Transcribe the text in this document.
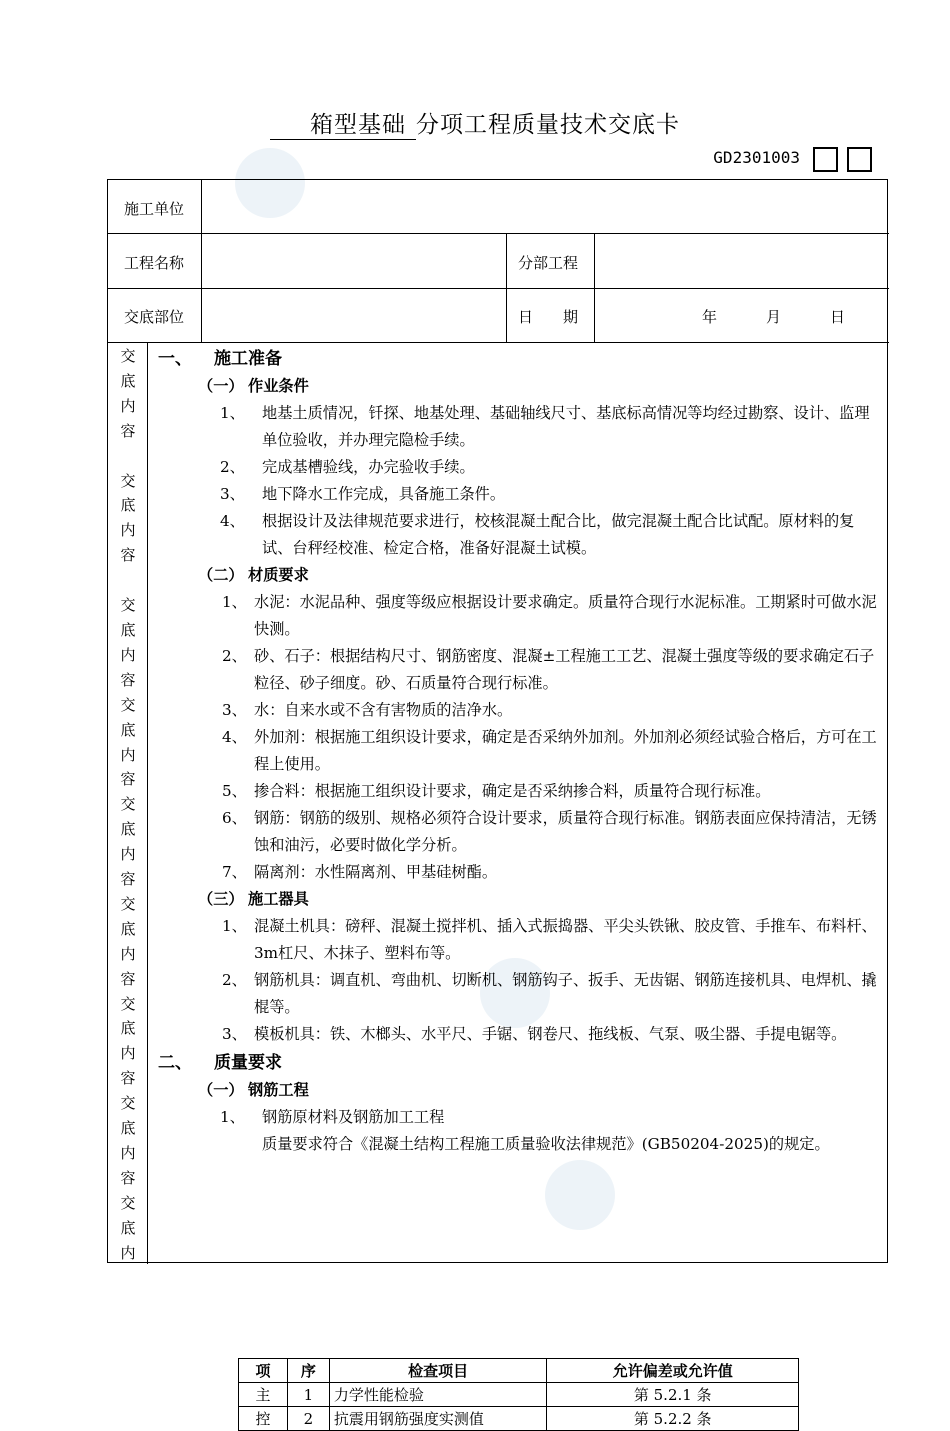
箱型基础 分项工程质量技术交底卡
GD2301003
施工单位
工程名称	分部工程
交底部位	日　　期	年	月	日
交
底
内
容

交
底
内
容

交
底
内
容
交
底
内
容
交
底
内
容
交
底
内
容
交
底
内
容
交
底
内
容
交
底
内
一、 施工准备
（一） 作业条件
1、 地基土质情况，钎探、地基处理、基础轴线尺寸、基底标高情况等均经过勘察、设计、监理单位验收，并办理完隐检手续。
2、 完成基槽验线，办完验收手续。
3、 地下降水工作完成，具备施工条件。
4、 根据设计及法律规范要求进行，校核混凝土配合比，做完混凝土配合比试配。原材料的复试、台秤经校准、检定合格，准备好混凝土试模。
（二） 材质要求
1、 水泥：水泥品种、强度等级应根据设计要求确定。质量符合现行水泥标准。工期紧时可做水泥快测。
2、 砂、石子：根据结构尺寸、钢筋密度、混凝±工程施工工艺、混凝土强度等级的要求确定石子粒径、砂子细度。砂、石质量符合现行标准。
3、 水：自来水或不含有害物质的洁净水。
4、 外加剂：根据施工组织设计要求，确定是否采纳外加剂。外加剂必须经试验合格后，方可在工程上使用。
5、 掺合料：根据施工组织设计要求，确定是否采纳掺合料，质量符合现行标准。
6、 钢筋：钢筋的级别、规格必须符合设计要求，质量符合现行标准。钢筋表面应保持清洁，无锈蚀和油污，必要时做化学分析。
7、 隔离剂：水性隔离剂、甲基硅树酯。
（三） 施工器具
1、 混凝土机具：磅秤、混凝土搅拌机、插入式振捣器、平尖头铁锹、胶皮管、手推车、布料杆、3m杠尺、木抹子、塑料布等。
2、 钢筋机具：调直机、弯曲机、切断机、钢筋钩子、扳手、无齿锯、钢筋连接机具、电焊机、撬棍等。
3、 模板机具：铁、木榔头、水平尺、手锯、钢卷尺、拖线板、气泵、吸尘器、手提电锯等。
二、 质量要求
（一） 钢筋工程
1、 钢筋原材料及钢筋加工工程
质量要求符合《混凝土结构工程施工质量验收法律规范》(GB50204-2025)的规定。
项	序	检查项目	允许偏差或允许值
主	1	力学性能检验	第 5.2.1 条
控	2	抗震用钢筋强度实测值	第 5.2.2 条
